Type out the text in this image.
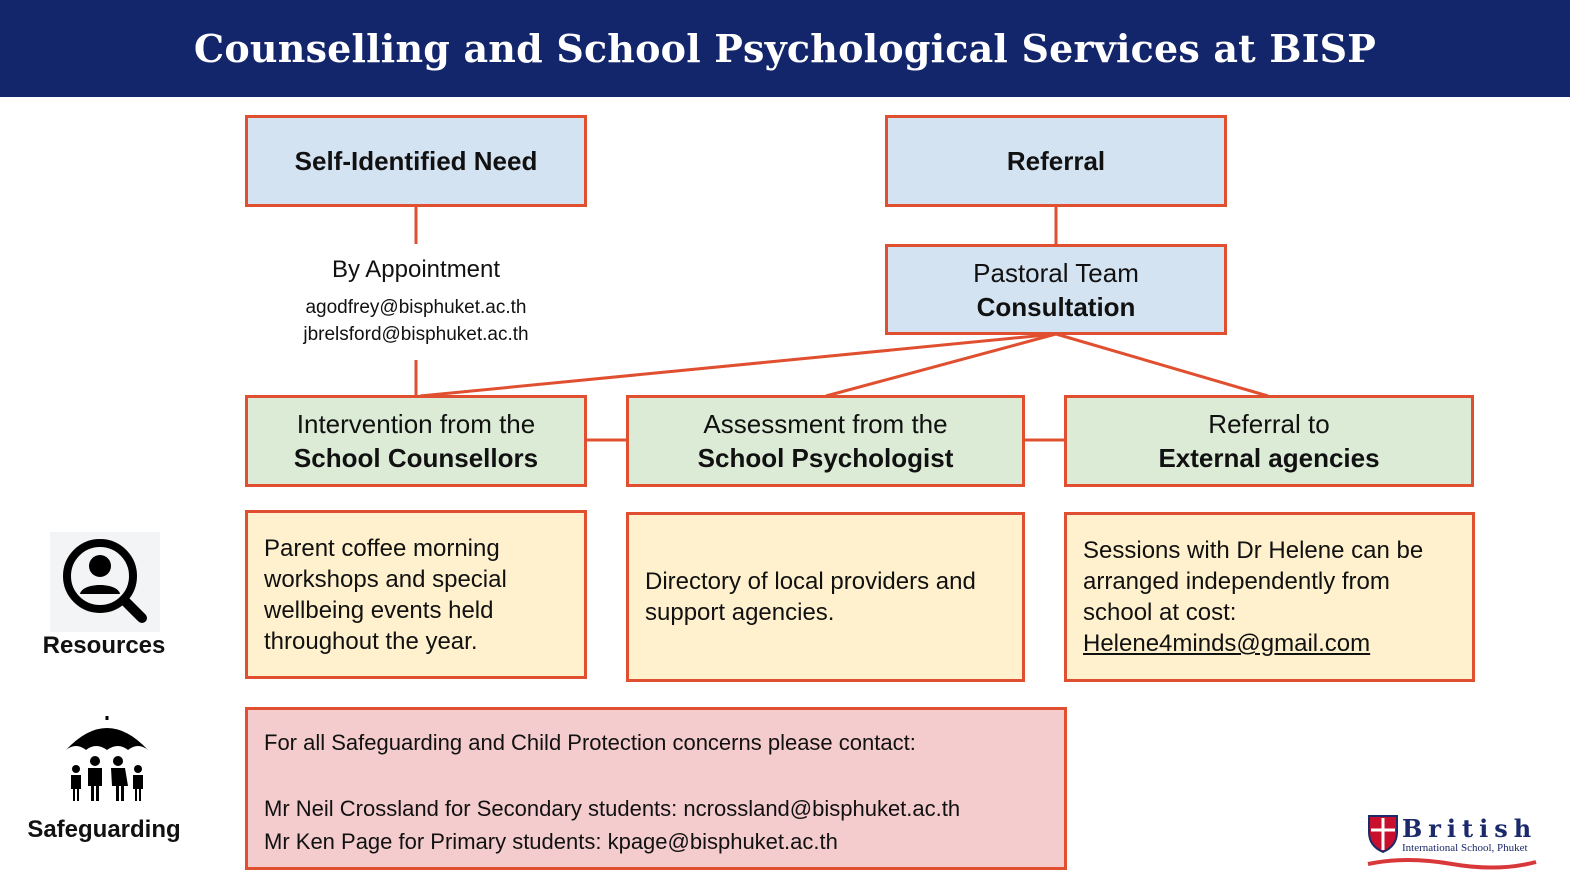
Counselling and School Psychological Services at BISP
Self-Identified Need	Referral
By Appointment
agodfrey@bisphuket.ac.th
jbrelsford@bisphuket.ac.th
Pastoral Team
Consultation
Intervention from the
School Counsellors
Assessment from the
School Psychologist
Referral to
External agencies
Resources
Parent coffee morning workshops and special wellbeing events held throughout the year.
Directory of local providers and support agencies.
Sessions with Dr Helene can be arranged independently from school at cost:
Helene4minds@gmail.com
Safeguarding
For all Safeguarding and Child Protection concerns please contact:
Mr Neil Crossland for Secondary students: ncrossland@bisphuket.ac.th
Mr Ken Page for Primary students: kpage@bisphuket.ac.th	British
International School, Phuket
